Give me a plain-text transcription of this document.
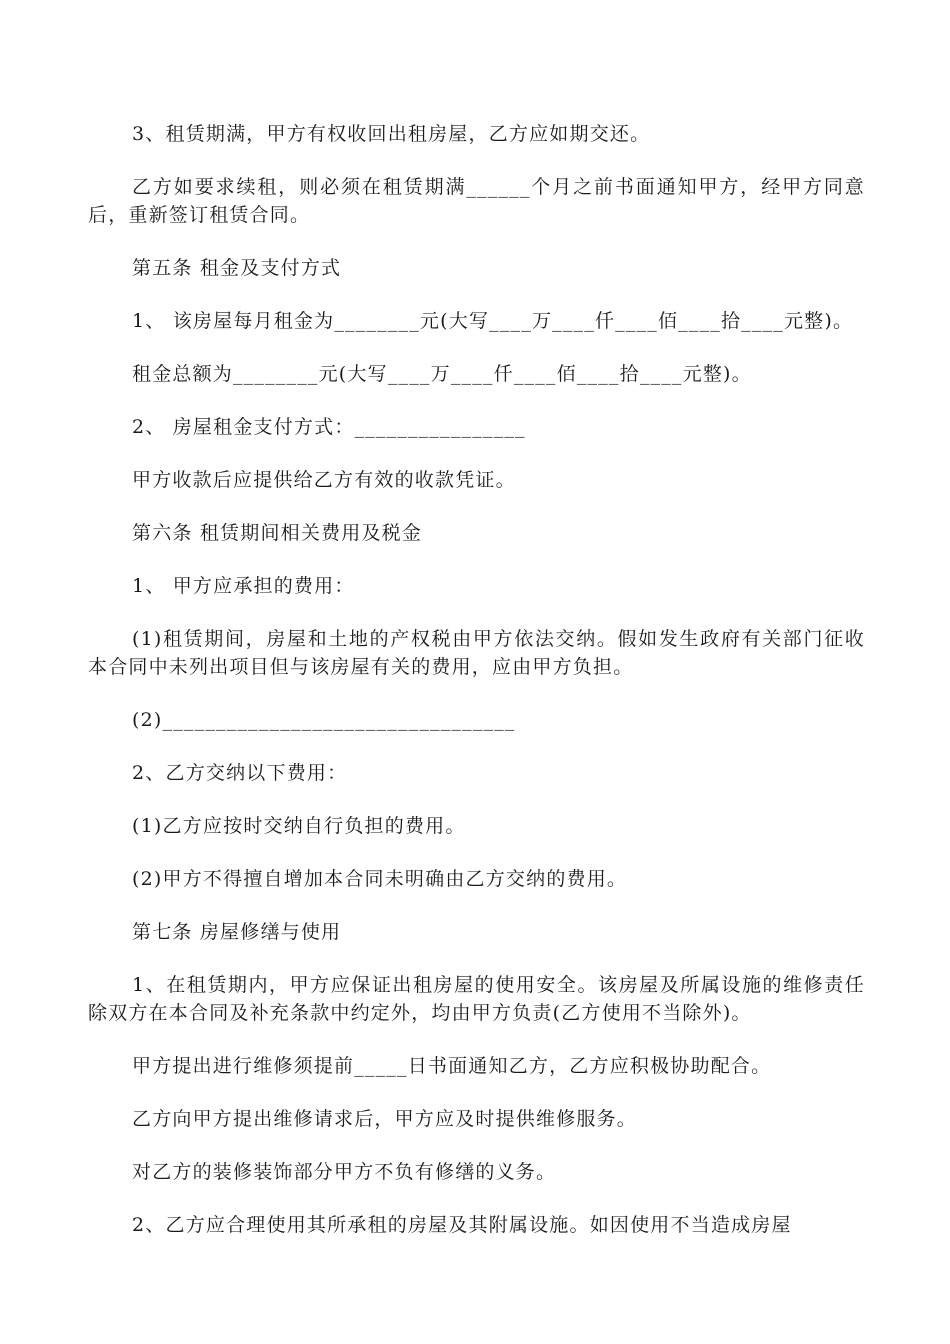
3、租赁期满，甲方有权收回出租房屋，乙方应如期交还。

乙方如要求续租，则必须在租赁期满______个月之前书面通知甲方，经甲方同意后，重新签订租赁合同。

第五条 租金及支付方式

1、 该房屋每月租金为________元(大写____万____仟____佰____拾____元整)。

租金总额为________元(大写____万____仟____佰____拾____元整)。

2、 房屋租金支付方式：________________

甲方收款后应提供给乙方有效的收款凭证。

第六条 租赁期间相关费用及税金

1、 甲方应承担的费用：

(1)租赁期间，房屋和土地的产权税由甲方依法交纳。假如发生政府有关部门征收本合同中未列出项目但与该房屋有关的费用，应由甲方负担。

(2)_________________________________

2、乙方交纳以下费用：

(1)乙方应按时交纳自行负担的费用。

(2)甲方不得擅自增加本合同未明确由乙方交纳的费用。

第七条 房屋修缮与使用

1、在租赁期内，甲方应保证出租房屋的使用安全。该房屋及所属设施的维修责任除双方在本合同及补充条款中约定外，均由甲方负责(乙方使用不当除外)。

甲方提出进行维修须提前_____日书面通知乙方，乙方应积极协助配合。

乙方向甲方提出维修请求后，甲方应及时提供维修服务。

对乙方的装修装饰部分甲方不负有修缮的义务。

2、乙方应合理使用其所承租的房屋及其附属设施。如因使用不当造成房屋
